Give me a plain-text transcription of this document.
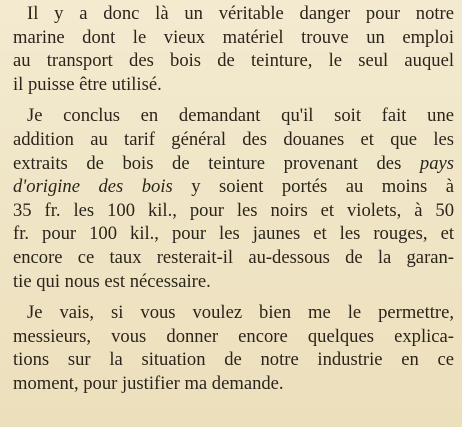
Il y a donc là un véritable danger pour notre
marine dont le vieux matériel trouve un emploi
au transport des bois de teinture, le seul auquel
il puisse être utilisé.

Je conclus en demandant qu'il soit fait une
addition au tarif général des douanes et que les
extraits de bois de teinture provenant des pays
d'origine des bois y soient portés au moins à
35 fr. les 100 kil., pour les noirs et violets, à 50
fr. pour 100 kil., pour les jaunes et les rouges, et
encore ce taux resterait-il au-dessous de la garan-
tie qui nous est nécessaire.

Je vais, si vous voulez bien me le permettre,
messieurs, vous donner encore quelques explica-
tions sur la situation de notre industrie en ce
moment, pour justifier ma demande.
